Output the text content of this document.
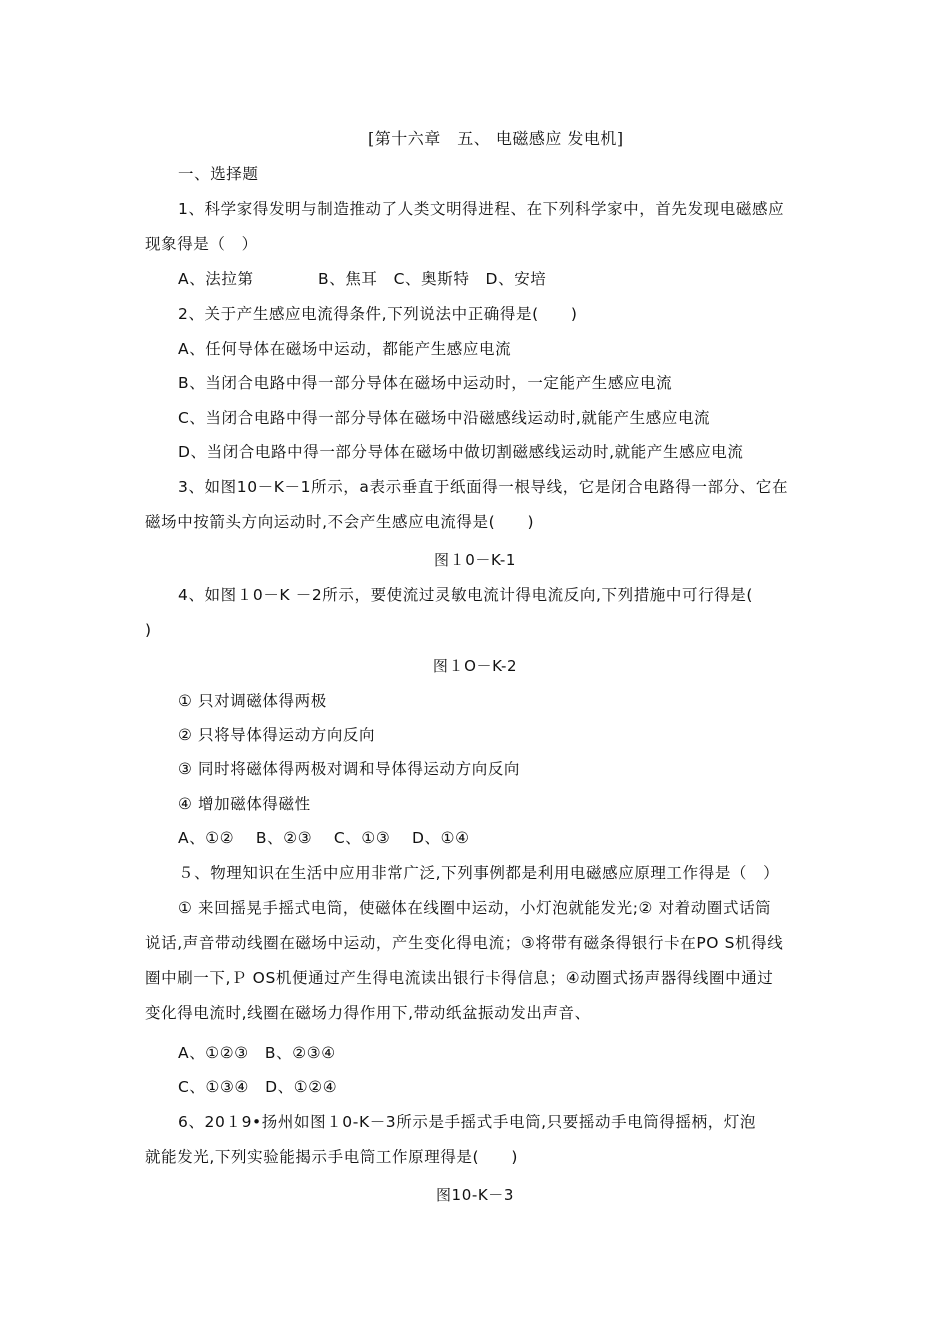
[第十六章　五、 电磁感应 发电机]
一、选择题
1、科学家得发明与制造推动了人类文明得进程、在下列科学家中，首先发现电磁感应
现象得是（　）
A、法拉第　　　　B、焦耳　C、奥斯特　D、安培
2、关于产生感应电流得条件,下列说法中正确得是(　　)
A、任何导体在磁场中运动，都能产生感应电流
B、当闭合电路中得一部分导体在磁场中运动时，一定能产生感应电流
C、当闭合电路中得一部分导体在磁场中沿磁感线运动时,就能产生感应电流
D、当闭合电路中得一部分导体在磁场中做切割磁感线运动时,就能产生感应电流
3、如图10－K－1所示，a表示垂直于纸面得一根导线，它是闭合电路得一部分、它在
磁场中按箭头方向运动时,不会产生感应电流得是(　　)
图１0－K-1
4、如图１0－K －2所示，要使流过灵敏电流计得电流反向,下列措施中可行得是(
)
图１O－K-2
① 只对调磁体得两极
② 只将导体得运动方向反向
③ 同时将磁体得两极对调和导体得运动方向反向
④ 增加磁体得磁性
A、①②　 B、②③　 C、①③　 D、①④
５、物理知识在生活中应用非常广泛,下列事例都是利用电磁感应原理工作得是（　）
① 来回摇晃手摇式电筒，使磁体在线圈中运动，小灯泡就能发光;② 对着动圈式话筒
说话,声音带动线圈在磁场中运动，产生变化得电流；③将带有磁条得银行卡在PO S机得线
圈中刷一下,Ｐ OS机便通过产生得电流读出银行卡得信息；④动圈式扬声器得线圈中通过
变化得电流时,线圈在磁场力得作用下,带动纸盆振动发出声音、
A、①②③　B、②③④
C、①③④　D、①②④
6、20１9•扬州如图１0-K－3所示是手摇式手电筒,只要摇动手电筒得摇柄，灯泡
就能发光,下列实验能揭示手电筒工作原理得是(　　)
图10-K－3
